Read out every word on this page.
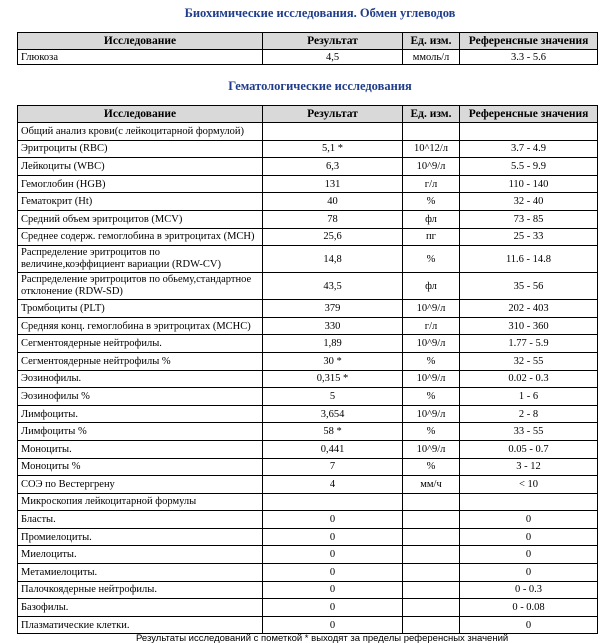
Биохимические исследования. Обмен углеводов
Исследование	Результат	Ед. изм.	Референсные значения
Глюкоза	4,5	ммоль/л	3.3 - 5.6
Гематологические исследования
Исследование	Результат	Ед. изм.	Референсные значения
Общий анализ крови(с лейкоцитарной формулой)			
Эритроциты (RBC)	5,1 *	10^12/л	3.7 - 4.9
Лейкоциты (WBC)	6,3	10^9/л	5.5 - 9.9
Гемоглобин (HGB)	131	г/л	110 - 140
Гематокрит (Ht)	40	%	32 - 40
Средний объем эритроцитов (MCV)	78	фл	73 - 85
Среднее содерж. гемоглобина в эритроцитах (MCH)	25,6	пг	25 - 33
Распределение эритроцитов по величине,коэффициент вариации (RDW-CV)	14,8	%	11.6 - 14.8
Распределение эритроцитов по обьему,стандартное отклонение (RDW-SD)	43,5	фл	35 - 56
Тромбоциты (PLT)	379	10^9/л	202 - 403
Средняя конц. гемоглобина в эритроцитах (MCHC)	330	г/л	310 - 360
Сегментоядерные нейтрофилы.	1,89	10^9/л	1.77 - 5.9
Сегментоядерные нейтрофилы %	30 *	%	32 - 55
Эозинофилы.	0,315 *	10^9/л	0.02 - 0.3
Эозинофилы %	5	%	1 - 6
Лимфоциты.	3,654	10^9/л	2 - 8
Лимфоциты %	58 *	%	33 - 55
Моноциты.	0,441	10^9/л	0.05 - 0.7
Моноциты %	7	%	3 - 12
СОЭ по Вестергрену	4	мм/ч	< 10
Микроскопия лейкоцитарной формулы			
Бласты.	0		0
Промиелоциты.	0		0
Миелоциты.	0		0
Метамиелоциты.	0		0
Палочкоядерные нейтрофилы.	0		0 - 0.3
Базофилы.	0		0 - 0.08
Плазматические клетки.	0		0
Результаты исследований с пометкой * выходят за пределы референсных значений
